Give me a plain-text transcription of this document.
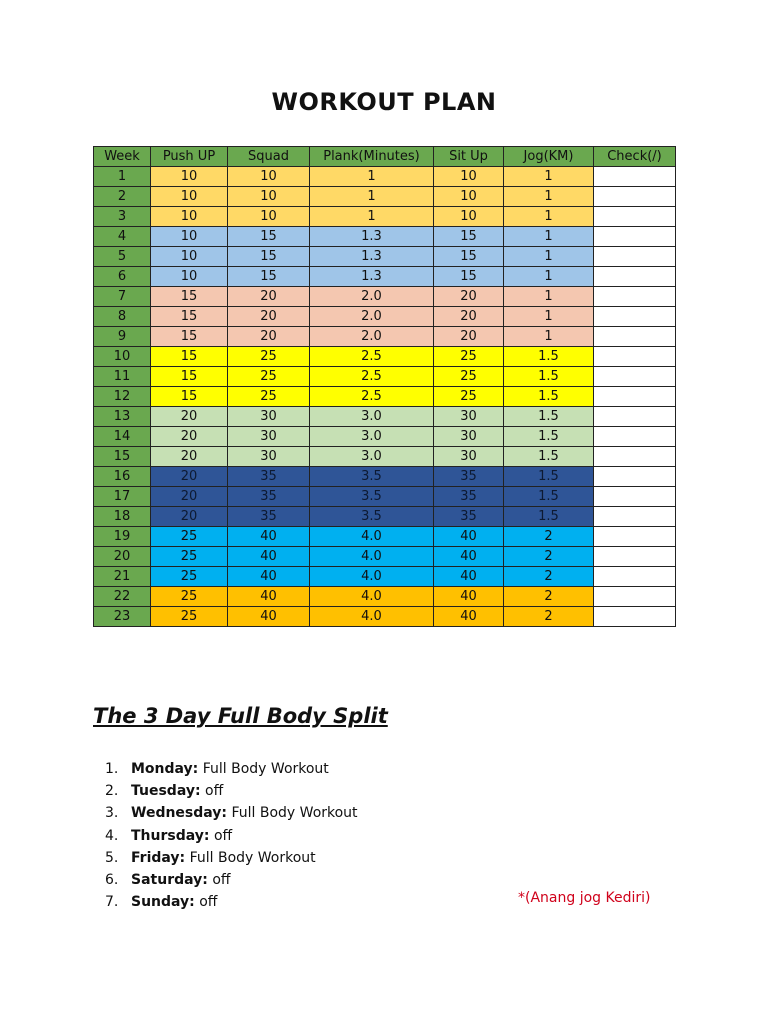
WORKOUT PLAN
Week	Push UP	Squad	Plank(Minutes)	Sit Up	Jog(KM)	Check(/)
1	10	10	1	10	1	
2	10	10	1	10	1	
3	10	10	1	10	1	
4	10	15	1.3	15	1	
5	10	15	1.3	15	1	
6	10	15	1.3	15	1	
7	15	20	2.0	20	1	
8	15	20	2.0	20	1	
9	15	20	2.0	20	1	
10	15	25	2.5	25	1.5	
11	15	25	2.5	25	1.5	
12	15	25	2.5	25	1.5	
13	20	30	3.0	30	1.5	
14	20	30	3.0	30	1.5	
15	20	30	3.0	30	1.5	
16	20	35	3.5	35	1.5	
17	20	35	3.5	35	1.5	
18	20	35	3.5	35	1.5	
19	25	40	4.0	40	2	
20	25	40	4.0	40	2	
21	25	40	4.0	40	2	
22	25	40	4.0	40	2	
23	25	40	4.0	40	2	
The 3 Day Full Body Split
1. Monday: Full Body Workout
2. Tuesday: off
3. Wednesday: Full Body Workout
4. Thursday: off
5. Friday: Full Body Workout
6. Saturday: off
7. Sunday: off	*(Anang jog Kediri)
